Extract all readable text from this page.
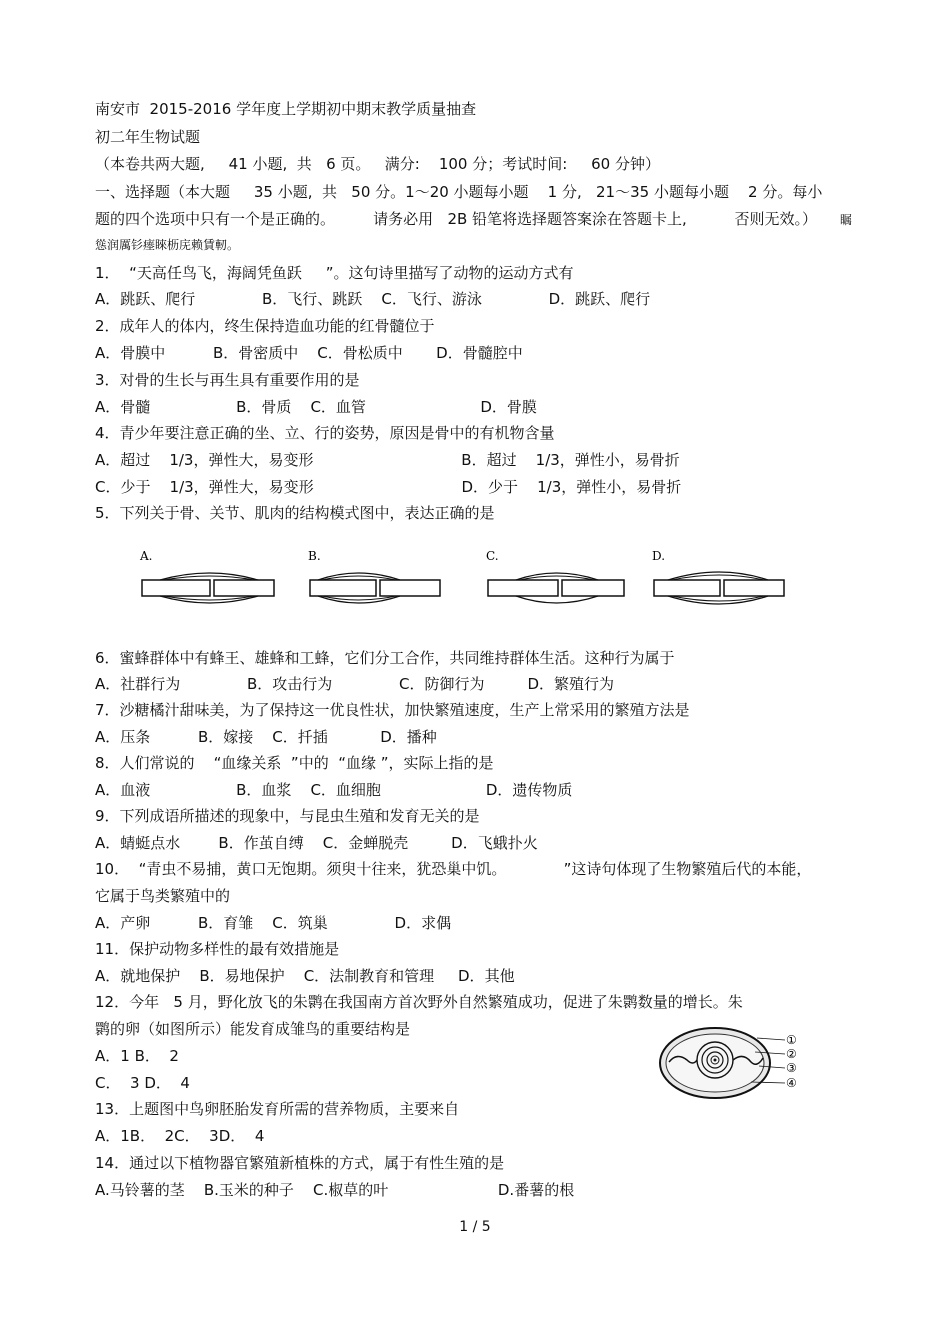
南安市  2015-2016 学年度上学期初中期末教学质量抽查
初二年生物试题
（本卷共两大题,     41 小题,  共   6 页。   满分:    100 分；考试时间:     60 分钟）
一、选择题（本大题     35 小题,  共   50 分。1～20 小题每小题    1 分,   21～35 小题每小题    2 分。每小
题的四个选项中只有一个是正确的。        请务必用   2B 铅笔将选择题答案涂在答题卡上,          否则无效。） 瞩
慫润厲钐瘗睞枥庑赖賃軔。
1．  “天高任鸟飞，海阔凭鱼跃     ”。这句诗里描写了动物的运动方式有
A．跳跃、爬行              B．飞行、跳跃    C．飞行、游泳              D．跳跃、爬行
2．成年人的体内，终生保持造血功能的红骨髓位于
A．骨膜中          B．骨密质中    C．骨松质中       D．骨髓腔中
3．对骨的生长与再生具有重要作用的是
A．骨髓                  B．骨质    C．血管                        D．骨膜
4．青少年要注意正确的坐、立、行的姿势，原因是骨中的有机物含量
A．超过    1/3，弹性大，易变形                               B．超过    1/3，弹性小，易骨折
C．少于    1/3，弹性大，易变形                               D．少于    1/3，弹性小，易骨折
5．下列关于骨、关节、肌肉的结构模式图中，表达正确的是
A.	B.	C.	D.
6．蜜蜂群体中有蜂王、雄蜂和工蜂，它们分工合作，共同维持群体生活。这种行为属于
A．社群行为              B．攻击行为              C．防御行为         D．繁殖行为
7．沙糖橘汁甜味美，为了保持这一优良性状，加快繁殖速度，生产上常采用的繁殖方法是
A．压条          B．嫁接    C．扦插           D．播种
8．人们常说的    “血缘关系  ”中的  “血缘 ”，实际上指的是
A．血液                  B．血浆    C．血细胞                      D．遗传物质
9．下列成语所描述的现象中，与昆虫生殖和发育无关的是
A．蜻蜓点水        B．作茧自缚    C．金蝉脱壳         D．飞蛾扑火
10．  “青虫不易捕，黄口无饱期。须臾十往来，犹恐巢中饥。            ”这诗句体现了生物繁殖后代的本能，
它属于鸟类繁殖中的
A．产卵          B．育雏    C．筑巢              D．求偶
11．保护动物多样性的最有效措施是
A．就地保护    B．易地保护    C．法制教育和管理     D．其他
12．今年   5 月，野化放飞的朱鹮在我国南方首次野外自然繁殖成功，促进了朱鹮数量的增长。朱
鹮的卵（如图所示）能发育成雏鸟的重要结构是
A．1 B．  2
C．  3 D．  4
①
②
③
④
13．上题图中鸟卵胚胎发育所需的营养物质，主要来自
A．1B．  2C．  3D．  4
14．通过以下植物器官繁殖新植株的方式，属于有性生殖的是
A.马铃薯的茎    B.玉米的种子    C.椒草的叶                       D.番薯的根
1 / 5
